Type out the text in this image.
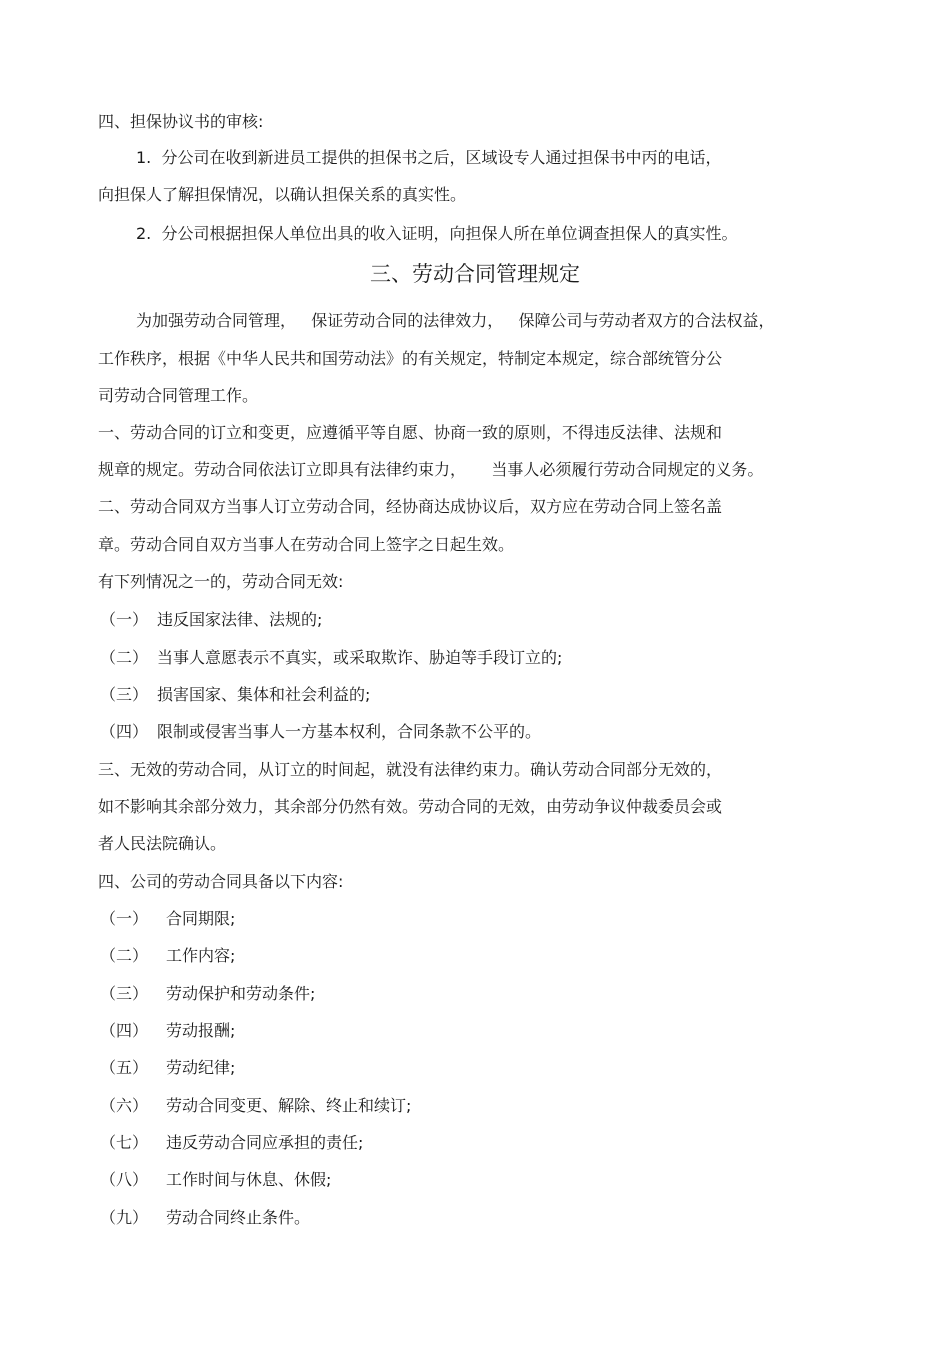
四、担保协议书的审核:
1.  分公司在收到新进员工提供的担保书之后，区域设专人通过担保书中丙的电话，
向担保人了解担保情况，以确认担保关系的真实性。
2.  分公司根据担保人单位出具的收入证明，向担保人所在单位调查担保人的真实性。
三、劳动合同管理规定
为加强劳动合同管理，   保证劳动合同的法律效力，   保障公司与劳动者双方的合法权益，
工作秩序，根据《中华人民共和国劳动法》的有关规定，特制定本规定，综合部统管分公
司劳动合同管理工作。
一、劳动合同的订立和变更，应遵循平等自愿、协商一致的原则，不得违反法律、法规和
规章的规定。劳动合同依法订立即具有法律约束力，     当事人必须履行劳动合同规定的义务。
二、劳动合同双方当事人订立劳动合同，经协商达成协议后，双方应在劳动合同上签名盖
章。劳动合同自双方当事人在劳动合同上签字之日起生效。
有下列情况之一的，劳动合同无效:
（一） 违反国家法律、法规的;
（二） 当事人意愿表示不真实，或采取欺诈、胁迫等手段订立的;
（三） 损害国家、集体和社会利益的;
（四） 限制或侵害当事人一方基本权利，合同条款不公平的。
三、无效的劳动合同，从订立的时间起，就没有法律约束力。确认劳动合同部分无效的，
如不影响其余部分效力，其余部分仍然有效。劳动合同的无效，由劳动争议仲裁委员会或
者人民法院确认。
四、公司的劳动合同具备以下内容:
（一） 合同期限;
（二） 工作内容;
（三） 劳动保护和劳动条件;
（四） 劳动报酬;
（五） 劳动纪律;
（六） 劳动合同变更、解除、终止和续订;
（七） 违反劳动合同应承担的责任;
（八） 工作时间与休息、休假;
（九） 劳动合同终止条件。
